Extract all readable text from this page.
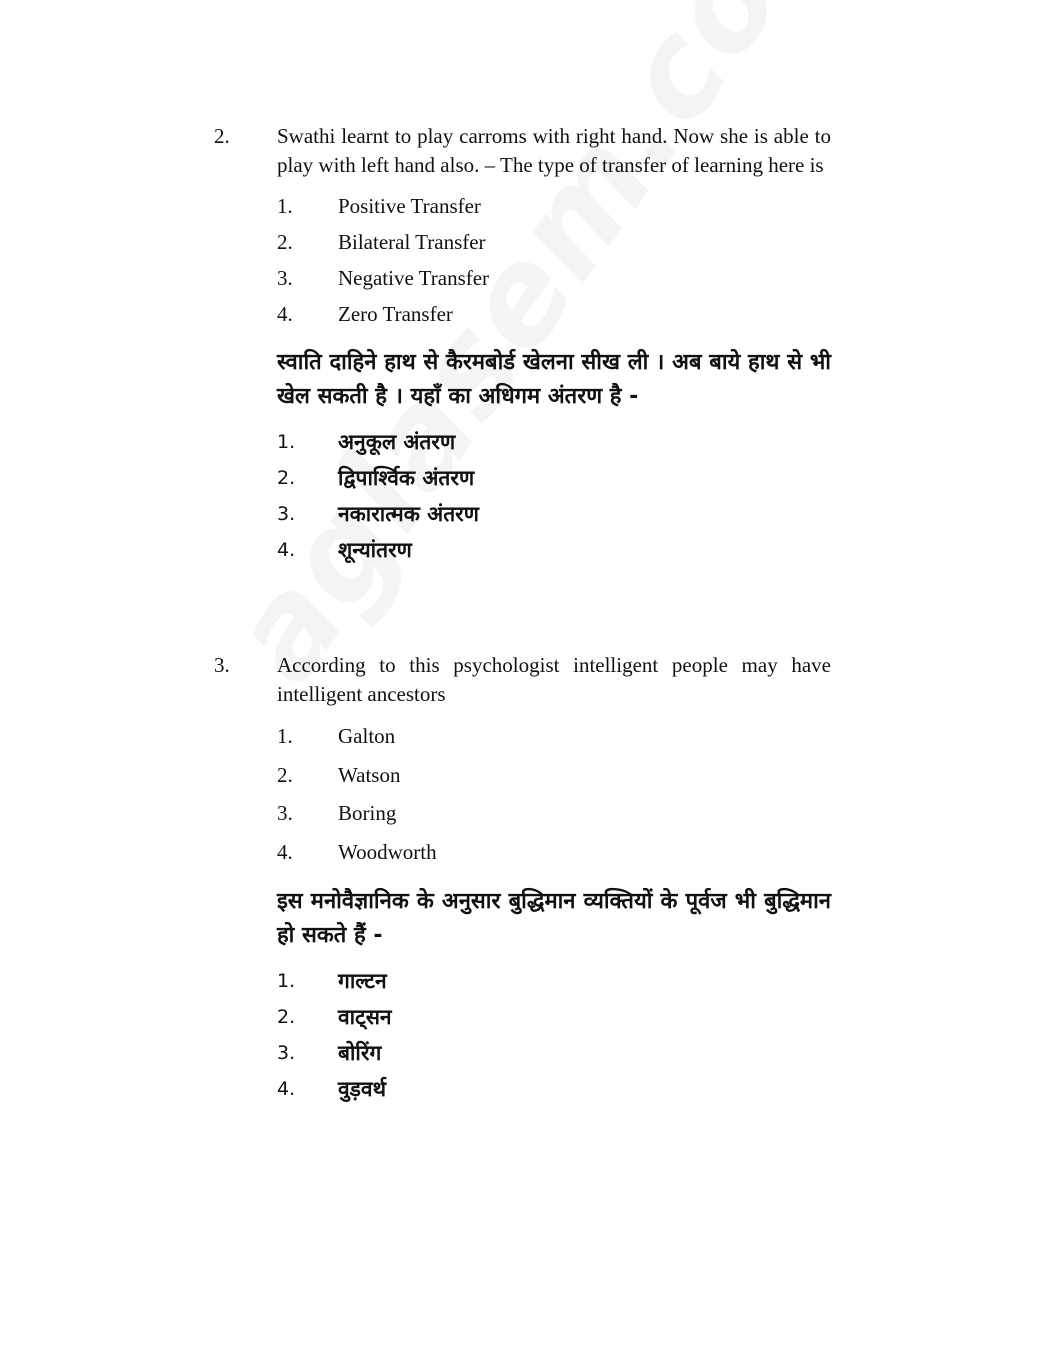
2. Swathi learnt to play carroms with right hand. Now she is able to play with left hand also. – The type of transfer of learning here is
1.	Positive Transfer
2.	Bilateral Transfer
3.	Negative Transfer
4.	Zero Transfer
स्वाति दाहिने हाथ से कैरमबोर्ड खेलना सीख ली । अब बाये हाथ से भी खेल सकती है । यहाँ का अधिगम अंतरण है -
1.	अनुकूल अंतरण
2.	द्विपार्श्विक अंतरण
3.	नकारात्मक अंतरण
4.	शून्यांतरण
3. According to this psychologist intelligent people may have intelligent ancestors
1.	Galton
2.	Watson
3.	Boring
4.	Woodworth
इस मनोवैज्ञानिक के अनुसार बुद्धिमान व्यक्तियों के पूर्वज भी बुद्धिमान हो सकते हैं -
1.	गाल्टन
2.	वाट्सन
3.	बोरिंग
4.	वुड़वर्थ
